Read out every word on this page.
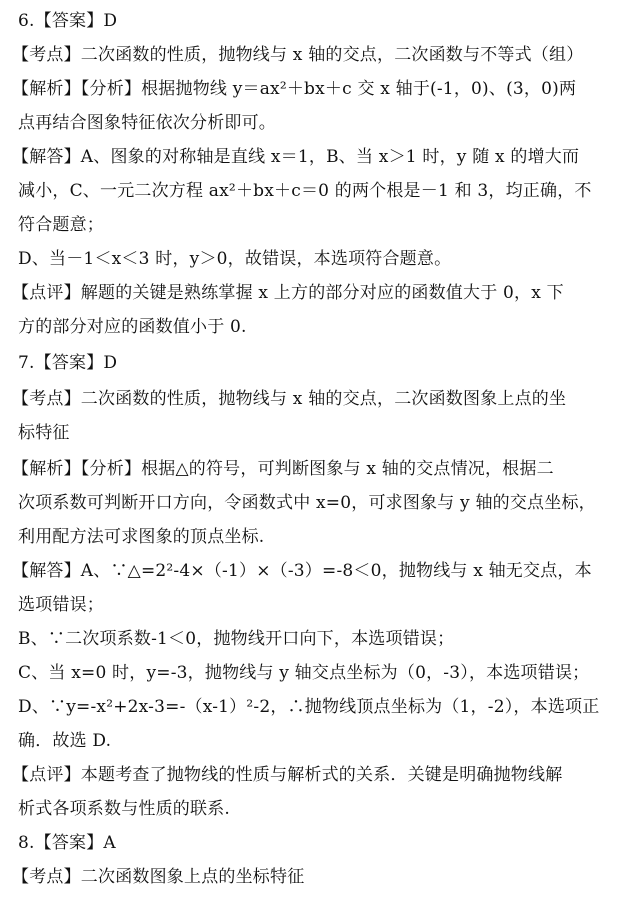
6.【答案】D
【考点】二次函数的性质，抛物线与 x 轴的交点，二次函数与不等式（组）
【解析】【分析】根据抛物线 y＝ax²＋bx＋c 交 x 轴于(-1，0)、(3，0)两
点再结合图象特征依次分析即可。
【解答】A、图象的对称轴是直线 x＝1，B、当 x＞1 时，y 随 x 的增大而
减小，C、一元二次方程 ax²＋bx＋c＝0 的两个根是－1 和 3，均正确，不
符合题意；
D、当－1＜x＜3 时，y＞0，故错误，本选项符合题意。
【点评】解题的关键是熟练掌握 x 上方的部分对应的函数值大于 0，x 下
方的部分对应的函数值小于 0.
7.【答案】D
【考点】二次函数的性质，抛物线与 x 轴的交点，二次函数图象上点的坐
标特征
【解析】【分析】根据△的符号，可判断图象与 x 轴的交点情况，根据二
次项系数可判断开口方向，令函数式中 x=0，可求图象与 y 轴的交点坐标，
利用配方法可求图象的顶点坐标.
【解答】A、∵△=2²-4×（-1）×（-3）=-8＜0，抛物线与 x 轴无交点，本
选项错误；
B、∵二次项系数-1＜0，抛物线开口向下，本选项错误；
C、当 x=0 时，y=-3，抛物线与 y 轴交点坐标为（0，-3），本选项错误；
D、∵y=-x²+2x-3=-（x-1）²-2，∴抛物线顶点坐标为（1，-2），本选项正
确．故选 D.
【点评】本题考查了抛物线的性质与解析式的关系．关键是明确抛物线解
析式各项系数与性质的联系.
8.【答案】A
【考点】二次函数图象上点的坐标特征
